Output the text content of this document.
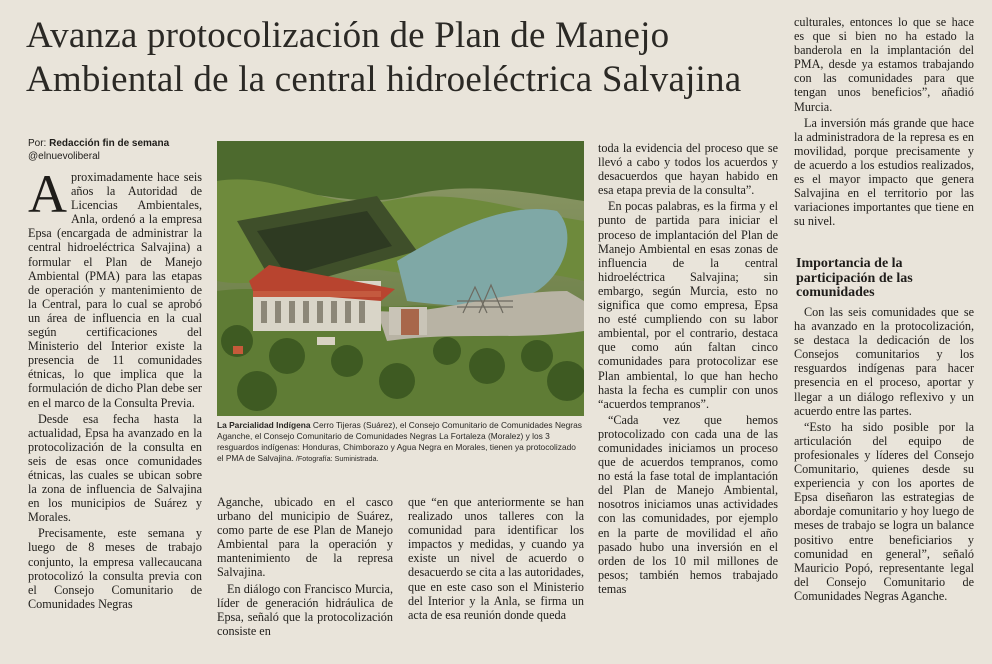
Avanza protocolización de Plan de Manejo
Ambiental de la central hidroeléctrica Salvajina
Por: Redacción fin de semana
@elnuevoliberal

Aproximadamente hace seis años la Autoridad de Licencias Ambientales, Anla, ordenó a la empresa Epsa (encargada de administrar la central hidroeléctrica Salvajina) a formular el Plan de Manejo Ambiental (PMA) para las etapas de operación y mantenimiento de la Central, para lo cual se aprobó un área de influencia en la cual según certificaciones del Ministerio del Interior existe la presencia de 11 comunidades étnicas, lo que implica que la formulación de dicho Plan debe ser en el marco de la Consulta Previa.

Desde esa fecha hasta la actualidad, Epsa ha avanzado en la protocolización de la consulta en seis de esas once comunidades étnicas, las cuales se ubican sobre la zona de influencia de Salvajina en los municipios de Suárez y Morales.

Precisamente, este semana y luego de 8 meses de trabajo conjunto, la empresa vallecaucana protocolizó la consulta previa con el Consejo Comunitario de Comunidades Negras

La Parcialidad Indígena Cerro Tijeras (Suárez), el Consejo Comunitario de Comunidades Negras Aganche, el Consejo Comunitario de Comunidades Negras La Fortaleza (Moralez) y los 3 resguardos indígenas: Honduras, Chimborazo y Agua Negra en Morales, tienen ya protocolizado el PMA de Salvajina. /Fotografía: Suministrada.

Aganche, ubicado en el casco urbano del municipio de Suárez, como parte de ese Plan de Manejo Ambiental para la operación y mantenimiento de la represa Salvajina.

En diálogo con Francisco Murcia, líder de generación hidráulica de Epsa, señaló que la protocolización consiste en

que “en que anteriormente se han realizado unos talleres con la comunidad para identificar los impactos y medidas, y cuando ya existe un nivel de acuerdo o desacuerdo se cita a las autoridades, que en este caso son el Ministerio del Interior y la Anla, se firma un acta de esa reunión donde queda

toda la evidencia del proceso que se llevó a cabo y todos los acuerdos y desacuerdos que hayan habido en esa etapa previa de la consulta”.

En pocas palabras, es la firma y el punto de partida para iniciar el proceso de implantación del Plan de Manejo Ambiental en esas zonas de influencia de la central hidroeléctrica Salvajina; sin embargo, según Murcia, esto no significa que como empresa, Epsa no esté cumpliendo con su labor ambiental, por el contrario, destaca que como aún faltan cinco comunidades para protocolizar ese Plan ambiental, lo que han hecho hasta la fecha es cumplir con unos “acuerdos tempranos”.

“Cada vez que hemos protocolizado con cada una de las comunidades iniciamos un proceso que de acuerdos tempranos, como no está la fase total de implantación del Plan de Manejo Ambiental, nosotros iniciamos unas actividades con las comunidades, por ejemplo en la parte de movilidad el año pasado hubo una inversión en el orden de los 10 mil millones de pesos; también hemos trabajado temas

culturales, entonces lo que se hace es que si bien no ha estado la banderola en la implantación del PMA, desde ya estamos trabajando con las comunidades para que tengan unos beneficios”, añadió Murcia.

La inversión más grande que hace la administradora de la represa es en movilidad, porque precisamente y de acuerdo a los estudios realizados, es el mayor impacto que genera Salvajina en el territorio por las variaciones importantes que tiene en su nivel.

Importancia de la participación de las comunidades

Con las seis comunidades que se ha avanzado en la protocolización, se destaca la dedicación de los Consejos comunitarios y los resguardos indígenas para hacer presencia en el proceso, aportar y llegar a un diálogo reflexivo y un acuerdo entre las partes.

“Esto ha sido posible por la articulación del equipo de profesionales y líderes del Consejo Comunitario, quienes desde su experiencia y con los aportes de Epsa diseñaron las estrategias de abordaje comunitario y hoy luego de meses de trabajo se logra un balance positivo entre beneficiarios y comunidad en general”, señaló Mauricio Popó, representante legal del Consejo Comunitario de Comunidades Negras Aganche.
